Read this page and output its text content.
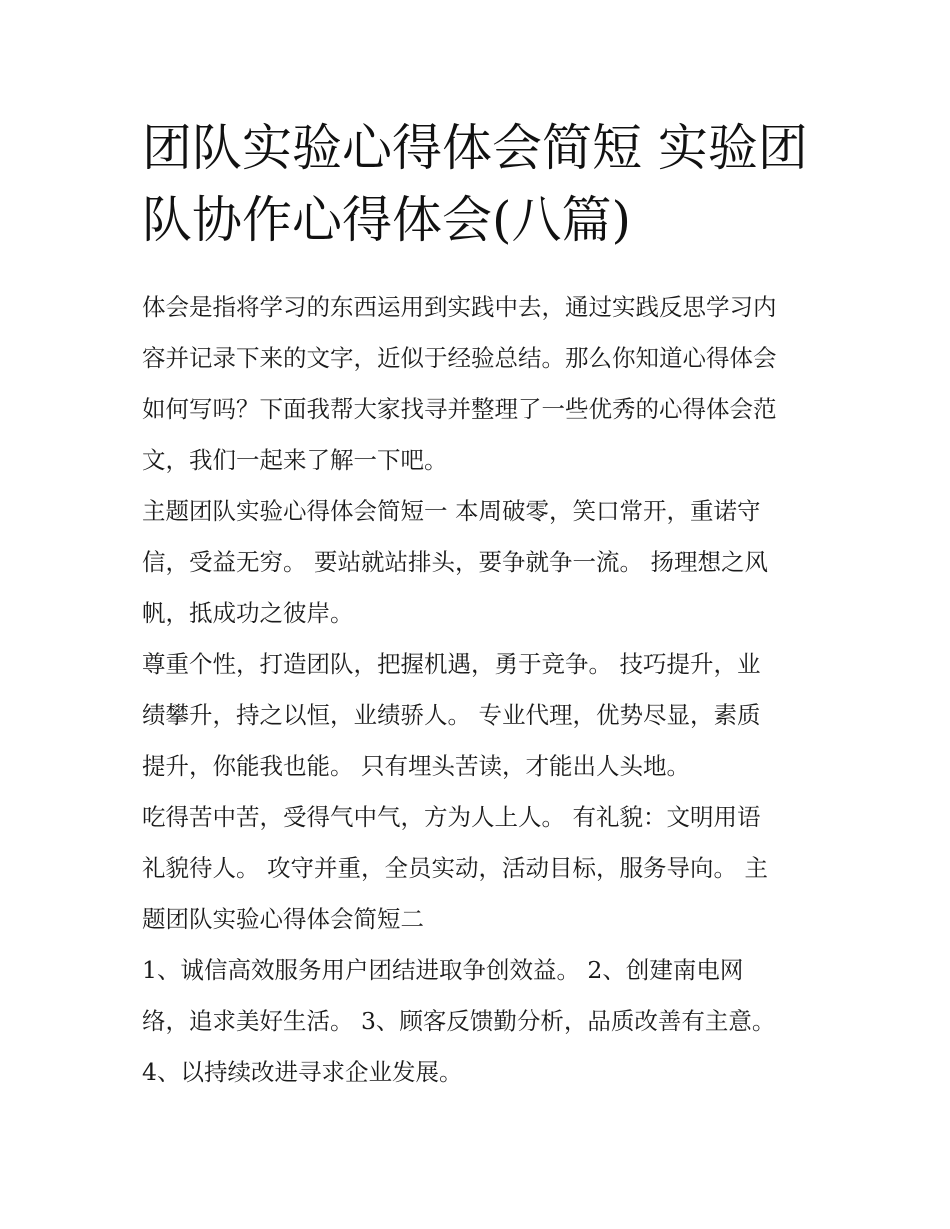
团队实验心得体会简短 实验团
队协作心得体会(八篇)

体会是指将学习的东西运用到实践中去，通过实践反思学习内
容并记录下来的文字，近似于经验总结。那么你知道心得体会
如何写吗？下面我帮大家找寻并整理了一些优秀的心得体会范
文，我们一起来了解一下吧。

主题团队实验心得体会简短一 本周破零，笑口常开，重诺守
信，受益无穷。 要站就站排头，要争就争一流。 扬理想之风
帆，抵成功之彼岸。

尊重个性，打造团队，把握机遇，勇于竞争。 技巧提升，业
绩攀升，持之以恒，业绩骄人。 专业代理，优势尽显，素质
提升，你能我也能。 只有埋头苦读，才能出人头地。

吃得苦中苦，受得气中气，方为人上人。 有礼貌：文明用语
礼貌待人。 攻守并重，全员实动，活动目标，服务导向。 主
题团队实验心得体会简短二

1、诚信高效服务用户团结进取争创效益。 2、创建南电网
络，追求美好生活。 3、顾客反馈勤分析，品质改善有主意。
4、以持续改进寻求企业发展。
